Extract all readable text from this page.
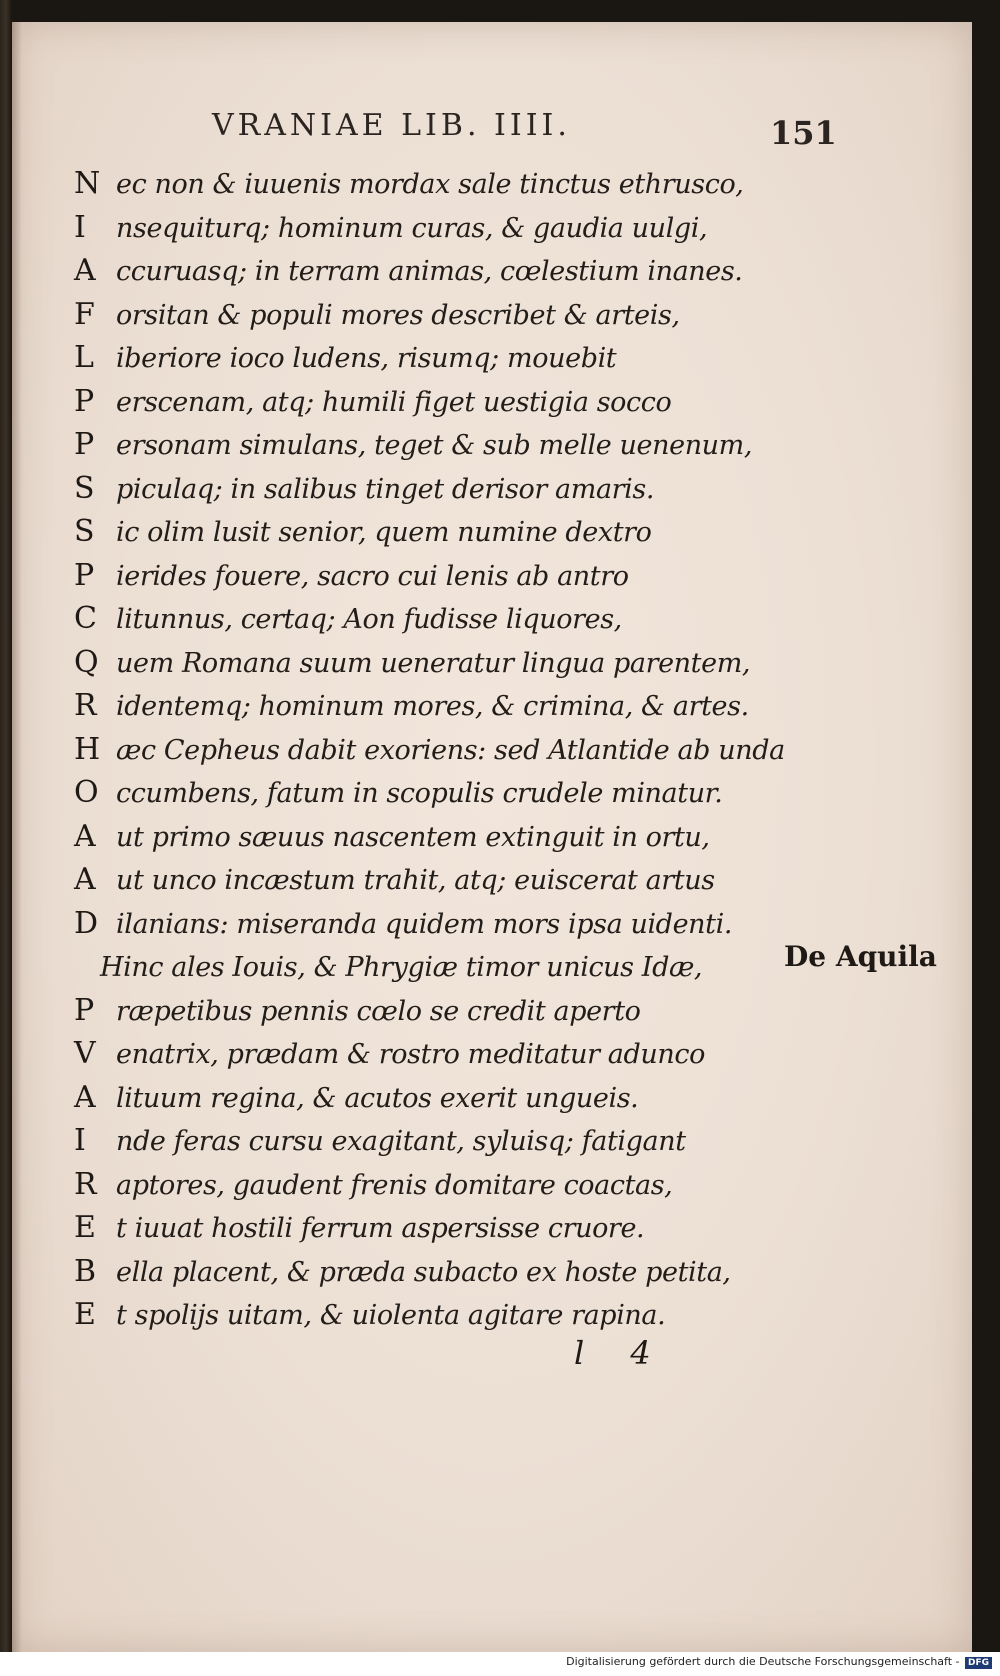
VRANIAE LIB. IIII.	151
N ec non & iuuenis mordax sale tinctus ethrusco,
I nsequiturq; hominum curas, & gaudia uulgi,
A ccuruasq; in terram animas, cœlestium inanes.
F orsitan & populi mores describet & arteis,
L iberiore ioco ludens, risumq; mouebit
P erscenam, atq; humili figet uestigia socco
P ersonam simulans, teget & sub melle uenenum,
S piculaq; in salibus tinget derisor amaris.
S ic olim lusit senior, quem numine dextro
P ierides fouere, sacro cui lenis ab antro
C litunnus, certaq; Aon fudisse liquores,
Q uem Romana suum ueneratur lingua parentem,
R identemq; hominum mores, & crimina, & artes.
H æc Cepheus dabit exoriens: sed Atlantide ab unda
O ccumbens, fatum in scopulis crudele minatur.
A ut primo sæuus nascentem extinguit in ortu,
A ut unco incæstum trahit, atq; euiscerat artus
D ilanians: miseranda quidem mors ipsa uidenti.
Hinc ales Iouis, & Phrygiæ timor unicus Idæ,
P ræpetibus pennis cœlo se credit aperto
V enatrix, prædam & rostro meditatur adunco
A lituum regina, & acutos exerit ungueis.
I nde feras cursu exagitant, syluisq; fatigant
R aptores, gaudent frenis domitare coactas,
E t iuuat hostili ferrum aspersisse cruore.
B ella placent, & præda subacto ex hoste petita,
E t spolijs uitam, & uiolenta agitare rapina.
De Aquila
l 4
Digitalisierung gefördert durch die Deutsche Forschungsgemeinschaft - DFG
